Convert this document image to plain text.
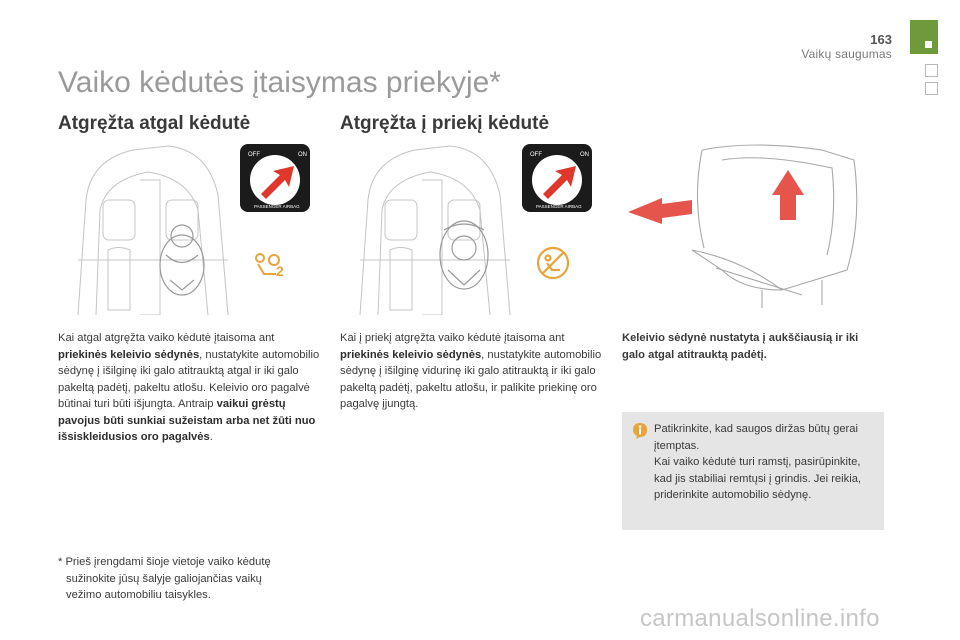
163
Vaikų saugumas
Vaiko kėdutės įtaisymas priekyje*
Atgręžta atgal kėdutė	Atgręžta į priekį kėdutė
OFF	ON
PASSENGER AIRBAG
2
OFF	ON
PASSENGER AIRBAG
Kai atgal atgręžta vaiko kėdutė įtaisoma ant priekinės keleivio sėdynės, nustatykite automobilio sėdynę į išilginę iki galo atitrauktą atgal ir iki galo pakeltą padėtį, pakeltu atlošu. Keleivio oro pagalvė būtinai turi būti išjungta. Antraip vaikui grėstų pavojus būti sunkiai sužeistam arba net žūti nuo išsiskleidusios oro pagalvės.
Kai į priekį atgręžta vaiko kėdutė įtaisoma ant priekinės keleivio sėdynės, nustatykite automobilio sėdynę į išilginę vidurinę iki galo atitrauktą ir iki galo pakeltą padėtį, pakeltu atlošu, ir palikite priekinę oro pagalvę įjungtą.
Keleivio sėdynė nustatyta į aukščiausią ir iki galo atgal atitrauktą padėtį.
Patikrinkite, kad saugos diržas būtų gerai įtemptas.
Kai vaiko kėdutė turi ramstį, pasirūpinkite, kad jis stabiliai remtųsi į grindis. Jei reikia, priderinkite automobilio sėdynę.
* Prieš įrengdami šioje vietoje vaiko kėdutę
sužinokite jūsų šalyje galiojančias vaikų
vežimo automobiliu taisykles.
carmanualsonline.info
